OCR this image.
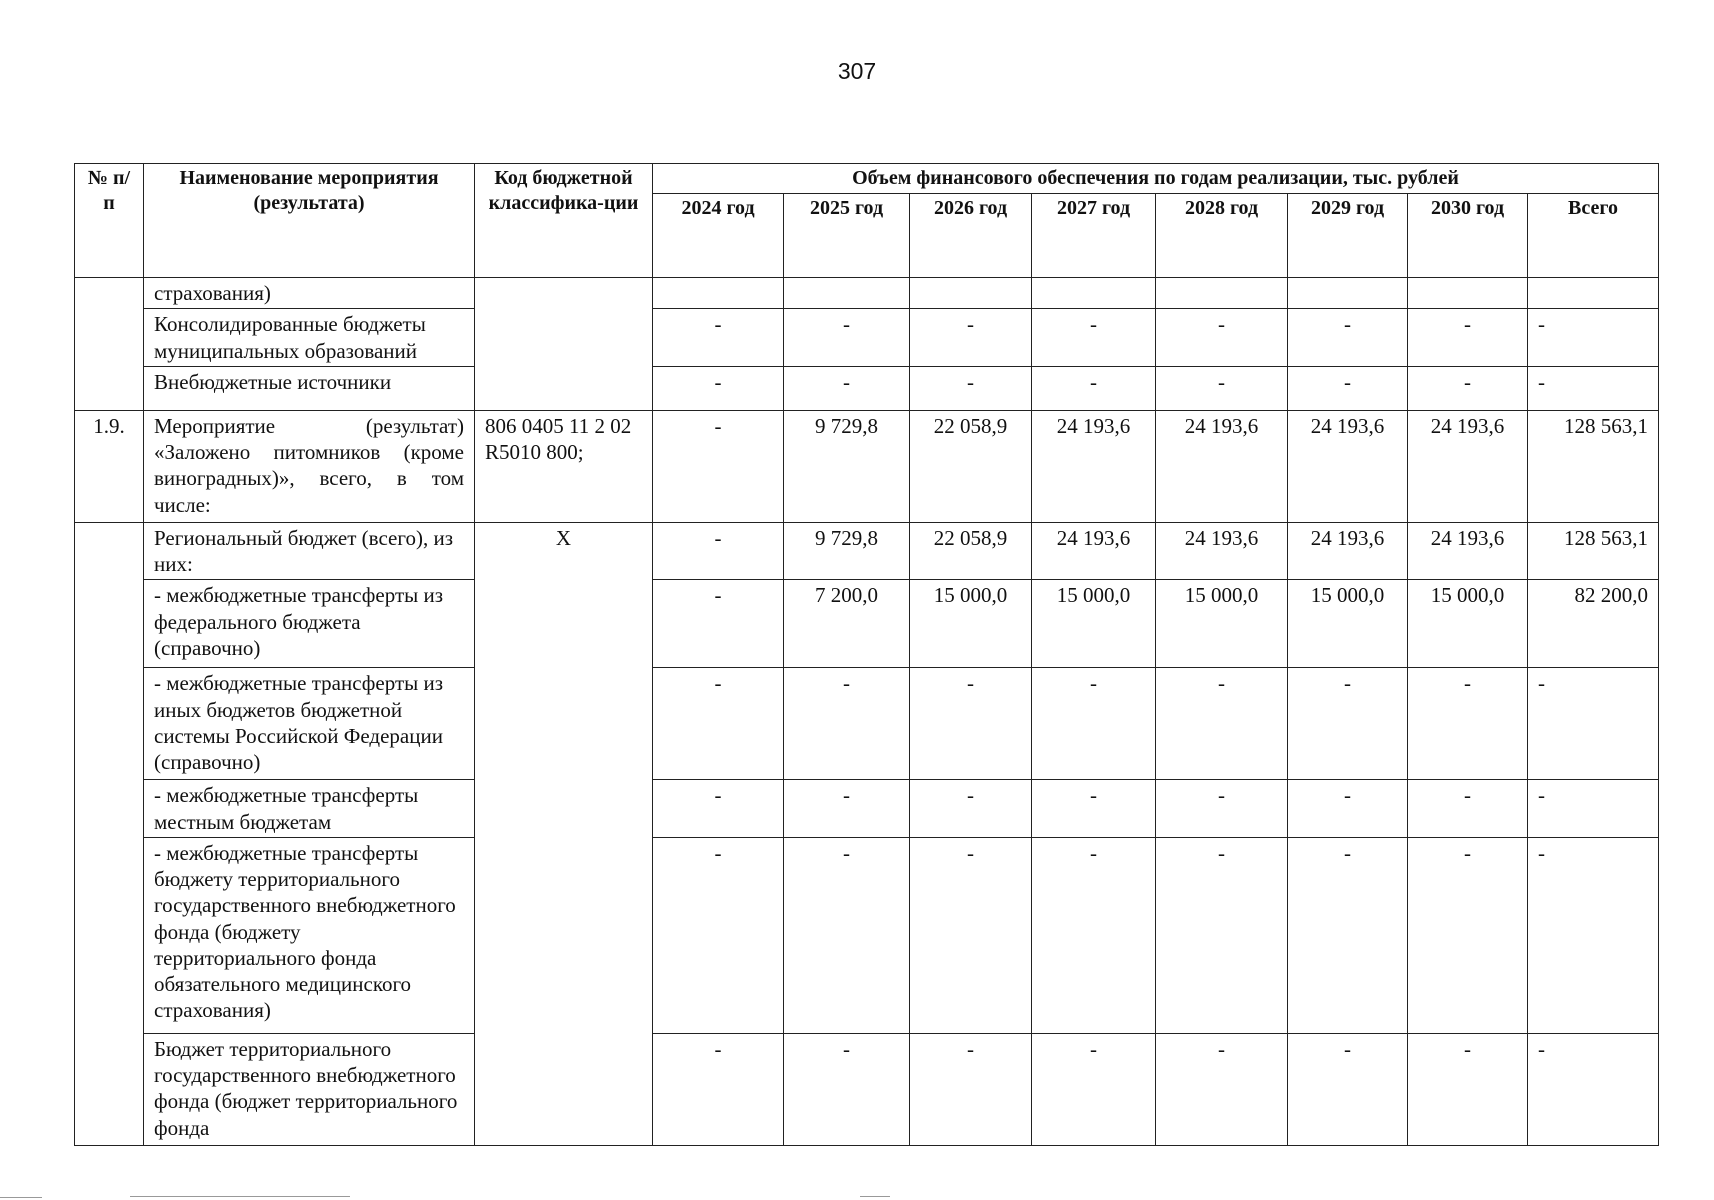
307
№ п/п	Наименование мероприятия (результата)	Код бюджетной классифика-ции	Объем финансового обеспечения по годам реализации, тыс. рублей							
			2024 год	2025 год	2026 год	2027 год	2028 год	2029 год	2030 год	Всего
	страхования)									
	Консолидированные бюджеты муниципальных образований		-	-	-	-	-	-	-	-
	Внебюджетные источники		-	-	-	-	-	-	-	-
1.9.	Мероприятие (результат) «Заложено питомников (кроме виноградных)», всего, в том числе:	806 0405 11 2 02 R5010 800;	-	9 729,8	22 058,9	24 193,6	24 193,6	24 193,6	24 193,6	128 563,1
	Региональный бюджет (всего), из них:	X	-	9 729,8	22 058,9	24 193,6	24 193,6	24 193,6	24 193,6	128 563,1
	- межбюджетные трансферты из федерального бюджета (справочно)		-	7 200,0	15 000,0	15 000,0	15 000,0	15 000,0	15 000,0	82 200,0
	- межбюджетные трансферты из иных бюджетов бюджетной системы Российской Федерации (справочно)		-	-	-	-	-	-	-	-
	- межбюджетные трансферты местным бюджетам		-	-	-	-	-	-	-	-
	- межбюджетные трансферты бюджету территориального государственного внебюджетного фонда (бюджету территориального фонда обязательного медицинского страхования)		-	-	-	-	-	-	-	-
	Бюджет территориального государственного внебюджетного фонда (бюджет территориального фонда		-	-	-	-	-	-	-	-
